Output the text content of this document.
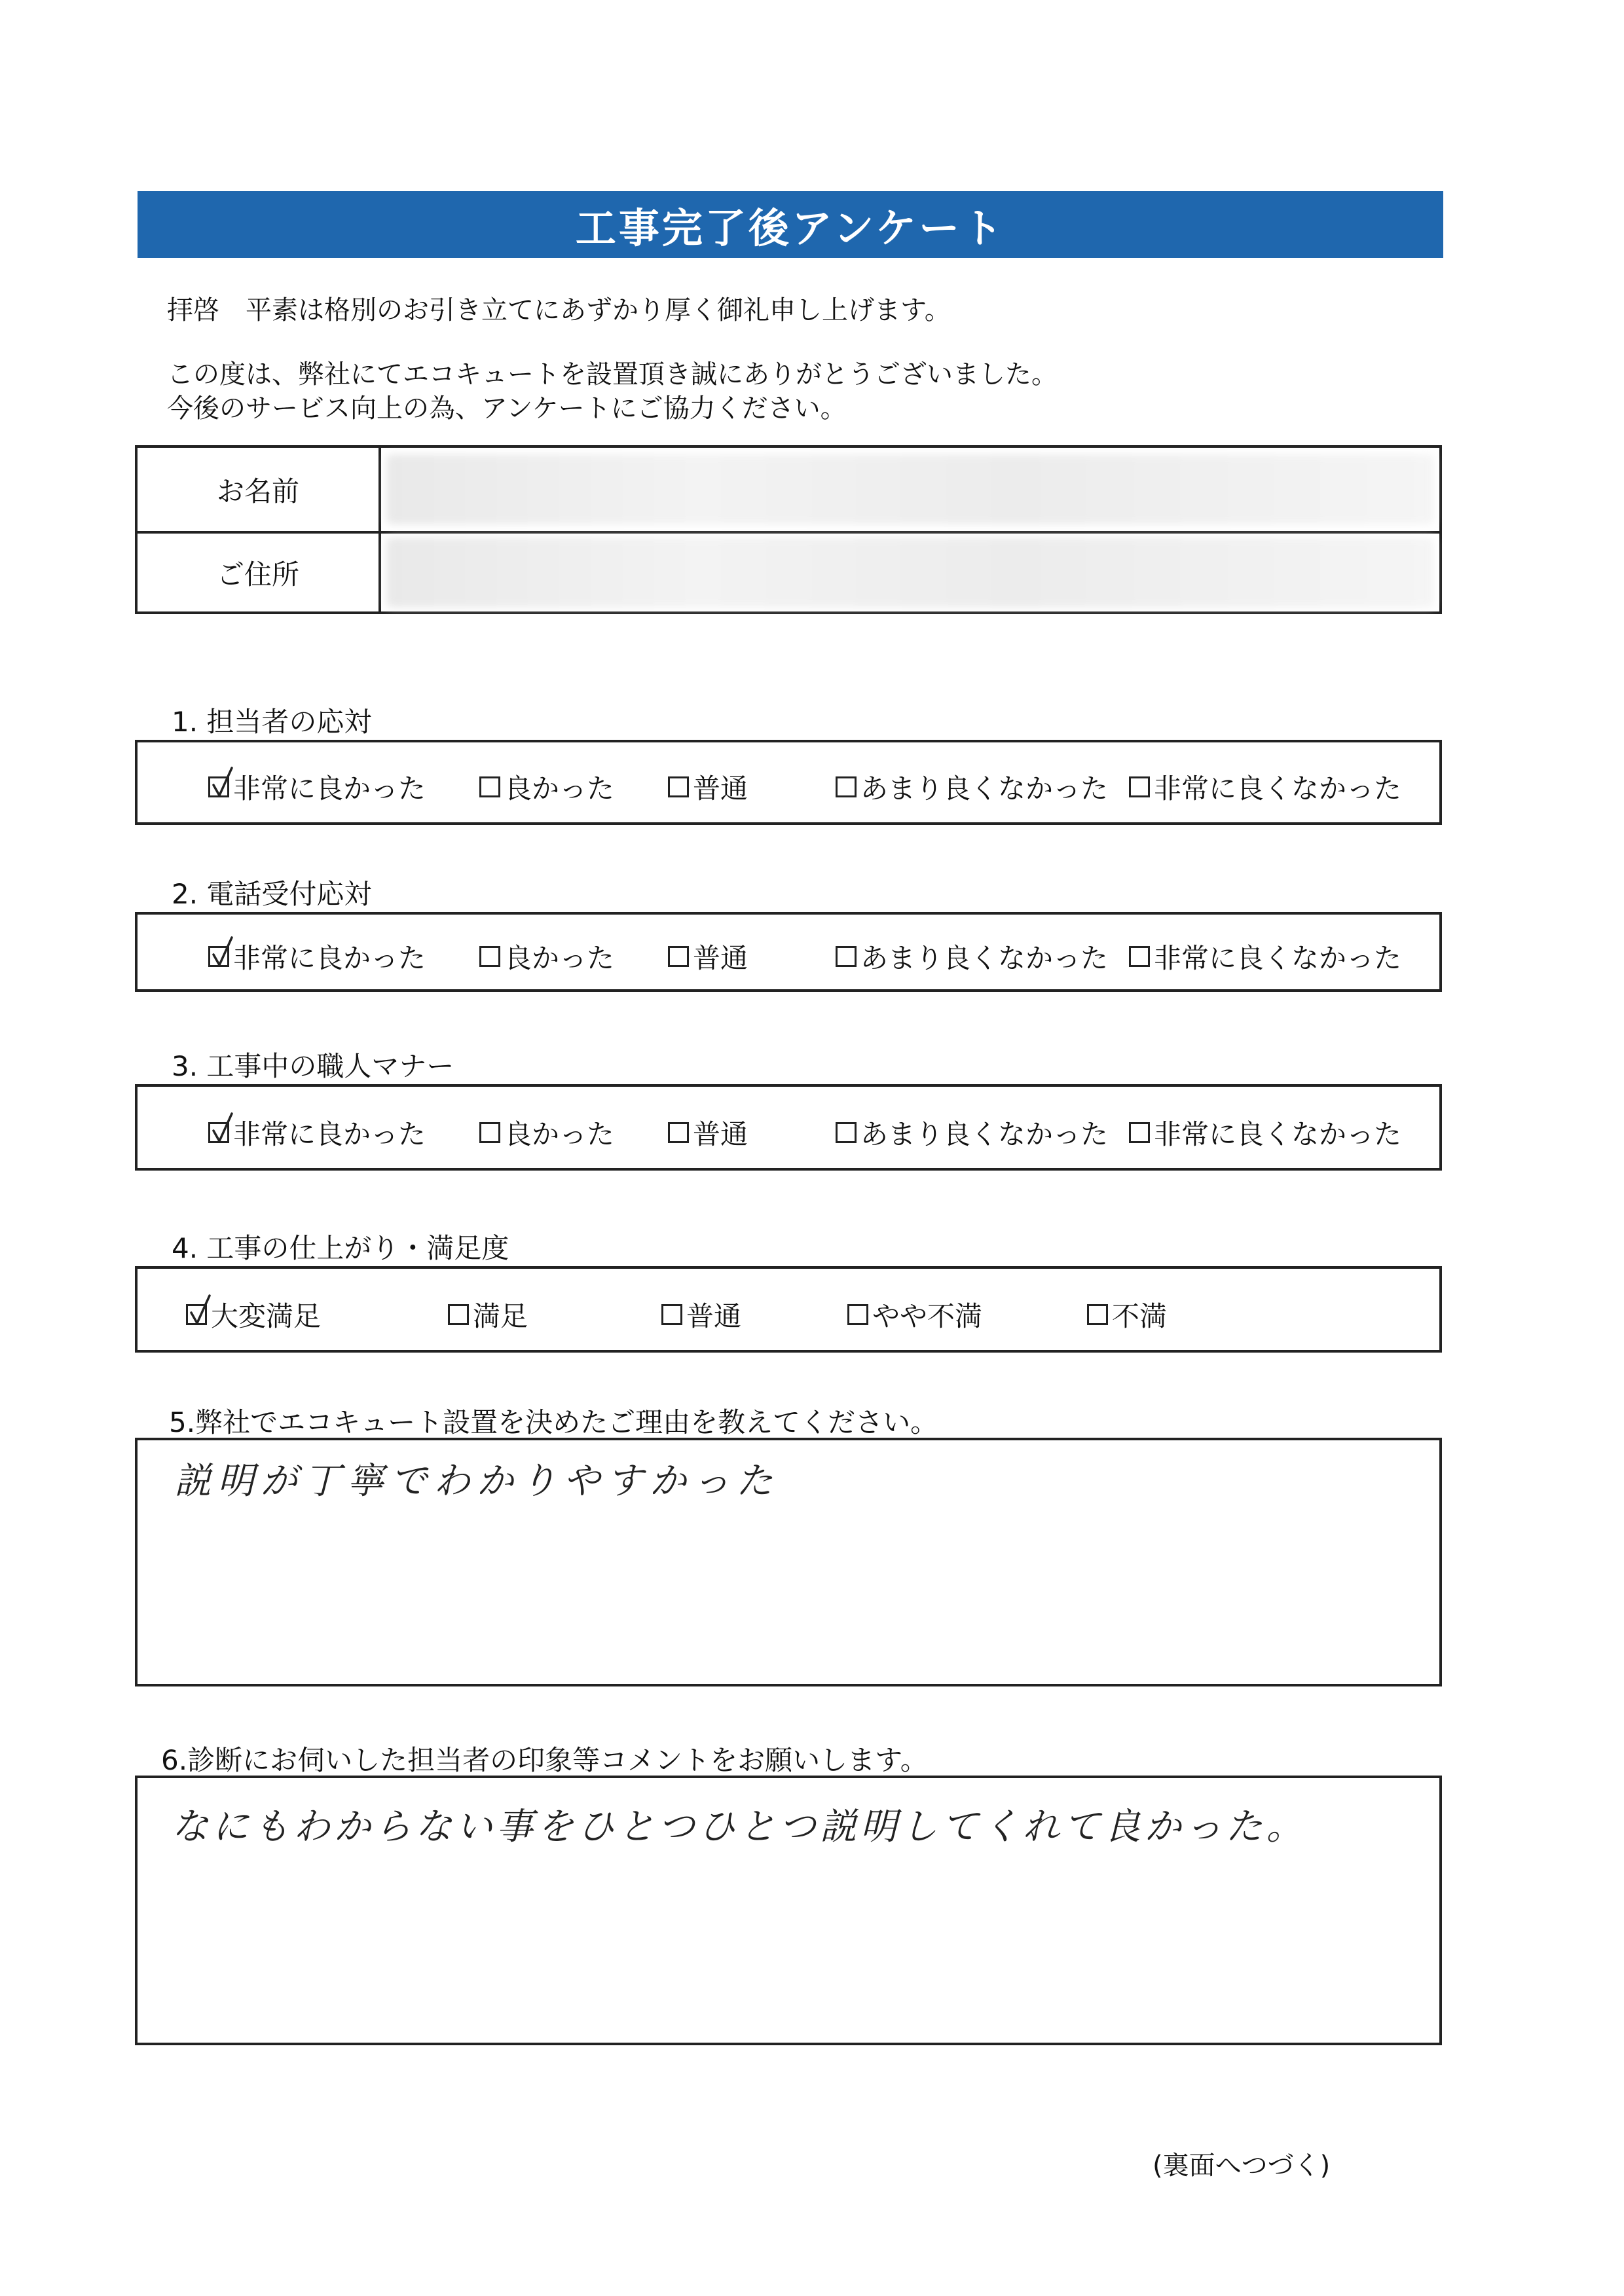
工事完了後アンケート
拝啓　平素は格別のお引き立てにあずかり厚く御礼申し上げます。
この度は、弊社にてエコキュートを設置頂き誠にありがとうございました。
今後のサービス向上の為、アンケートにご協力ください。
お名前
ご住所
1. 担当者の応対
非常に良かった	良かった	普通	あまり良くなかった 非常に良くなかった
2. 電話受付応対
非常に良かった	良かった	普通	あまり良くなかった 非常に良くなかった
3. 工事中の職人マナー
非常に良かった	良かった	普通	あまり良くなかった 非常に良くなかった
4. 工事の仕上がり・満足度
大変満足	満足	普通	やや不満	不満
5.弊社でエコキュート設置を決めたご理由を教えてください。
説明が丁寧でわかりやすかった
6.診断にお伺いした担当者の印象等コメントをお願いします。
なにもわからない事をひとつひとつ説明してくれて良かった。
(裏面へつづく)
